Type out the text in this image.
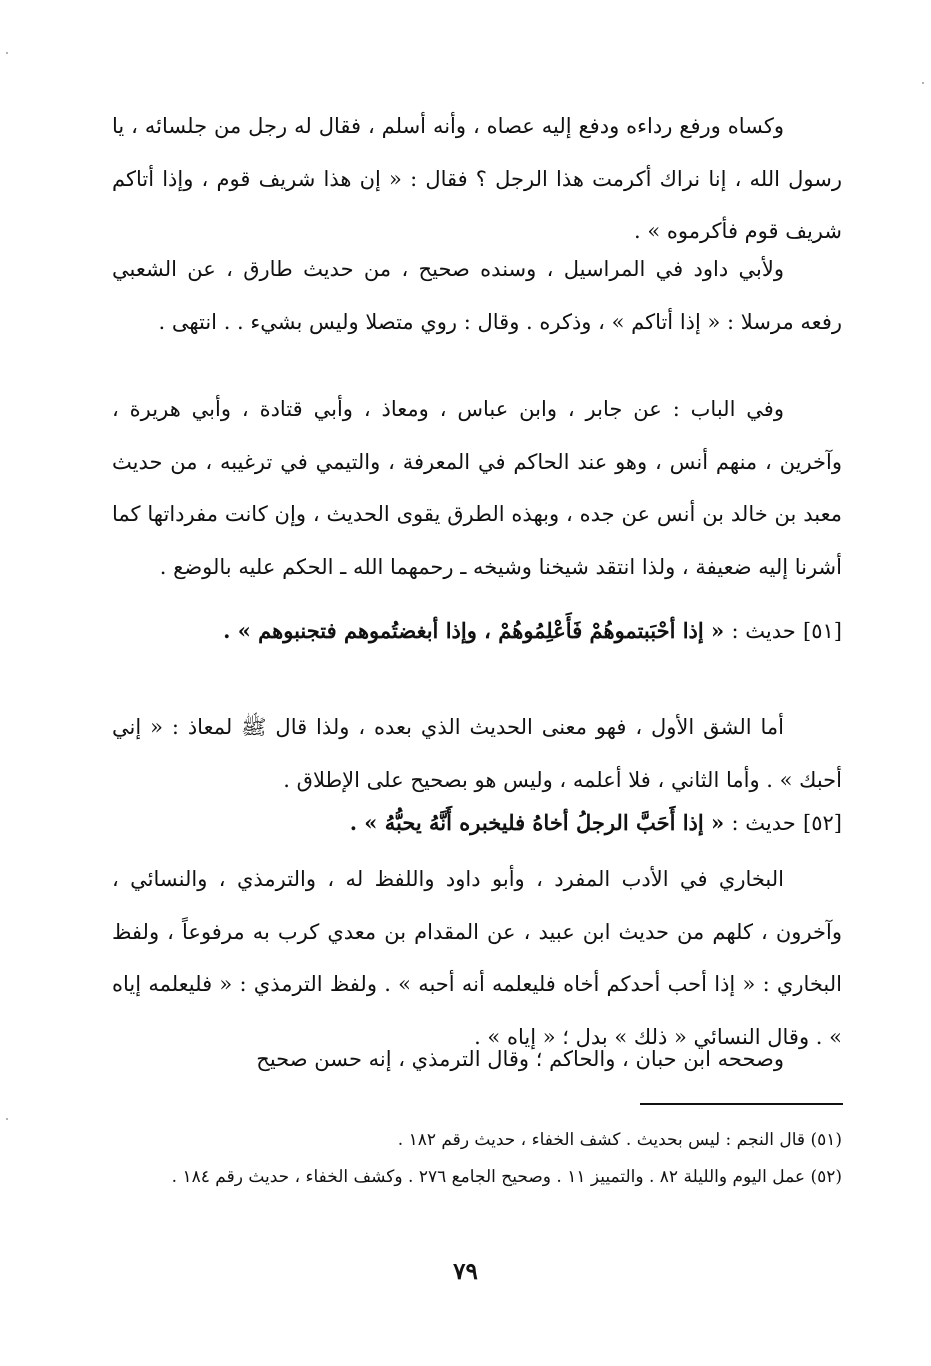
وكساه ورفع رداءه ودفع إليه عصاه ، وأنه أسلم ، فقال له رجل من جلسائه ، يا رسول الله ، إنا نراك أكرمت هذا الرجل ؟ فقال : « إن هذا شريف قوم ، وإذا أتاكم شريف قوم فأكرموه » .

ولأبي داود في المراسيل ، وسنده صحيح ، من حديث طارق ، عن الشعبي رفعه مرسلا : « إذا أتاكم » ، وذكره . وقال : روي متصلا وليس بشيء . . انتهى .

وفي الباب : عن جابر ، وابن عباس ، ومعاذ ، وأبي قتادة ، وأبي هريرة ، وآخرين ، منهم أنس ، وهو عند الحاكم في المعرفة ، والتيمي في ترغيبه ، من حديث معبد بن خالد بن أنس عن جده ، وبهذه الطرق يقوى الحديث ، وإن كانت مفرداتها كما أشرنا إليه ضعيفة ، ولذا انتقد شيخنا وشيخه ـ رحمهما الله ـ الحكم عليه بالوضع .

[٥١] حديث : « إذا أحْبَبتموهُمْ فَأَعْلِمُوهُمْ ، وإذا أبغضتُموهم فتجنبوهم » .

أما الشق الأول ، فهو معنى الحديث الذي بعده ، ولذا قال ﷺ لمعاذ : « إني أحبك » . وأما الثاني ، فلا أعلمه ، وليس هو بصحيح على الإطلاق .

[٥٢] حديث : « إذا أَحَبَّ الرجلُ أخاهُ فليخبره أَنَّهُ يحبُّهُ » .

البخاري في الأدب المفرد ، وأبو داود واللفظ له ، والترمذي ، والنسائي ، وآخرون ، كلهم من حديث ابن عبيد ، عن المقدام بن معدي كرب به مرفوعاً ، ولفظ البخاري : « إذا أحب أحدكم أخاه فليعلمه أنه أحبه » . ولفظ الترمذي : « فليعلمه إياه » . وقال النسائي « ذلك » بدل ؛ « إياه » .

وصححه ابن حبان ، والحاكم ؛ وقال الترمذي ، إنه حسن صحيح

(٥١) قال النجم : ليس بحديث . كشف الخفاء ، حديث رقم ١٨٢ .

(٥٢) عمل اليوم والليلة ٨٢ . والتمييز ١١ . وصحيح الجامع ٢٧٦ . وكشف الخفاء ، حديث رقم ١٨٤ .

٧٩
